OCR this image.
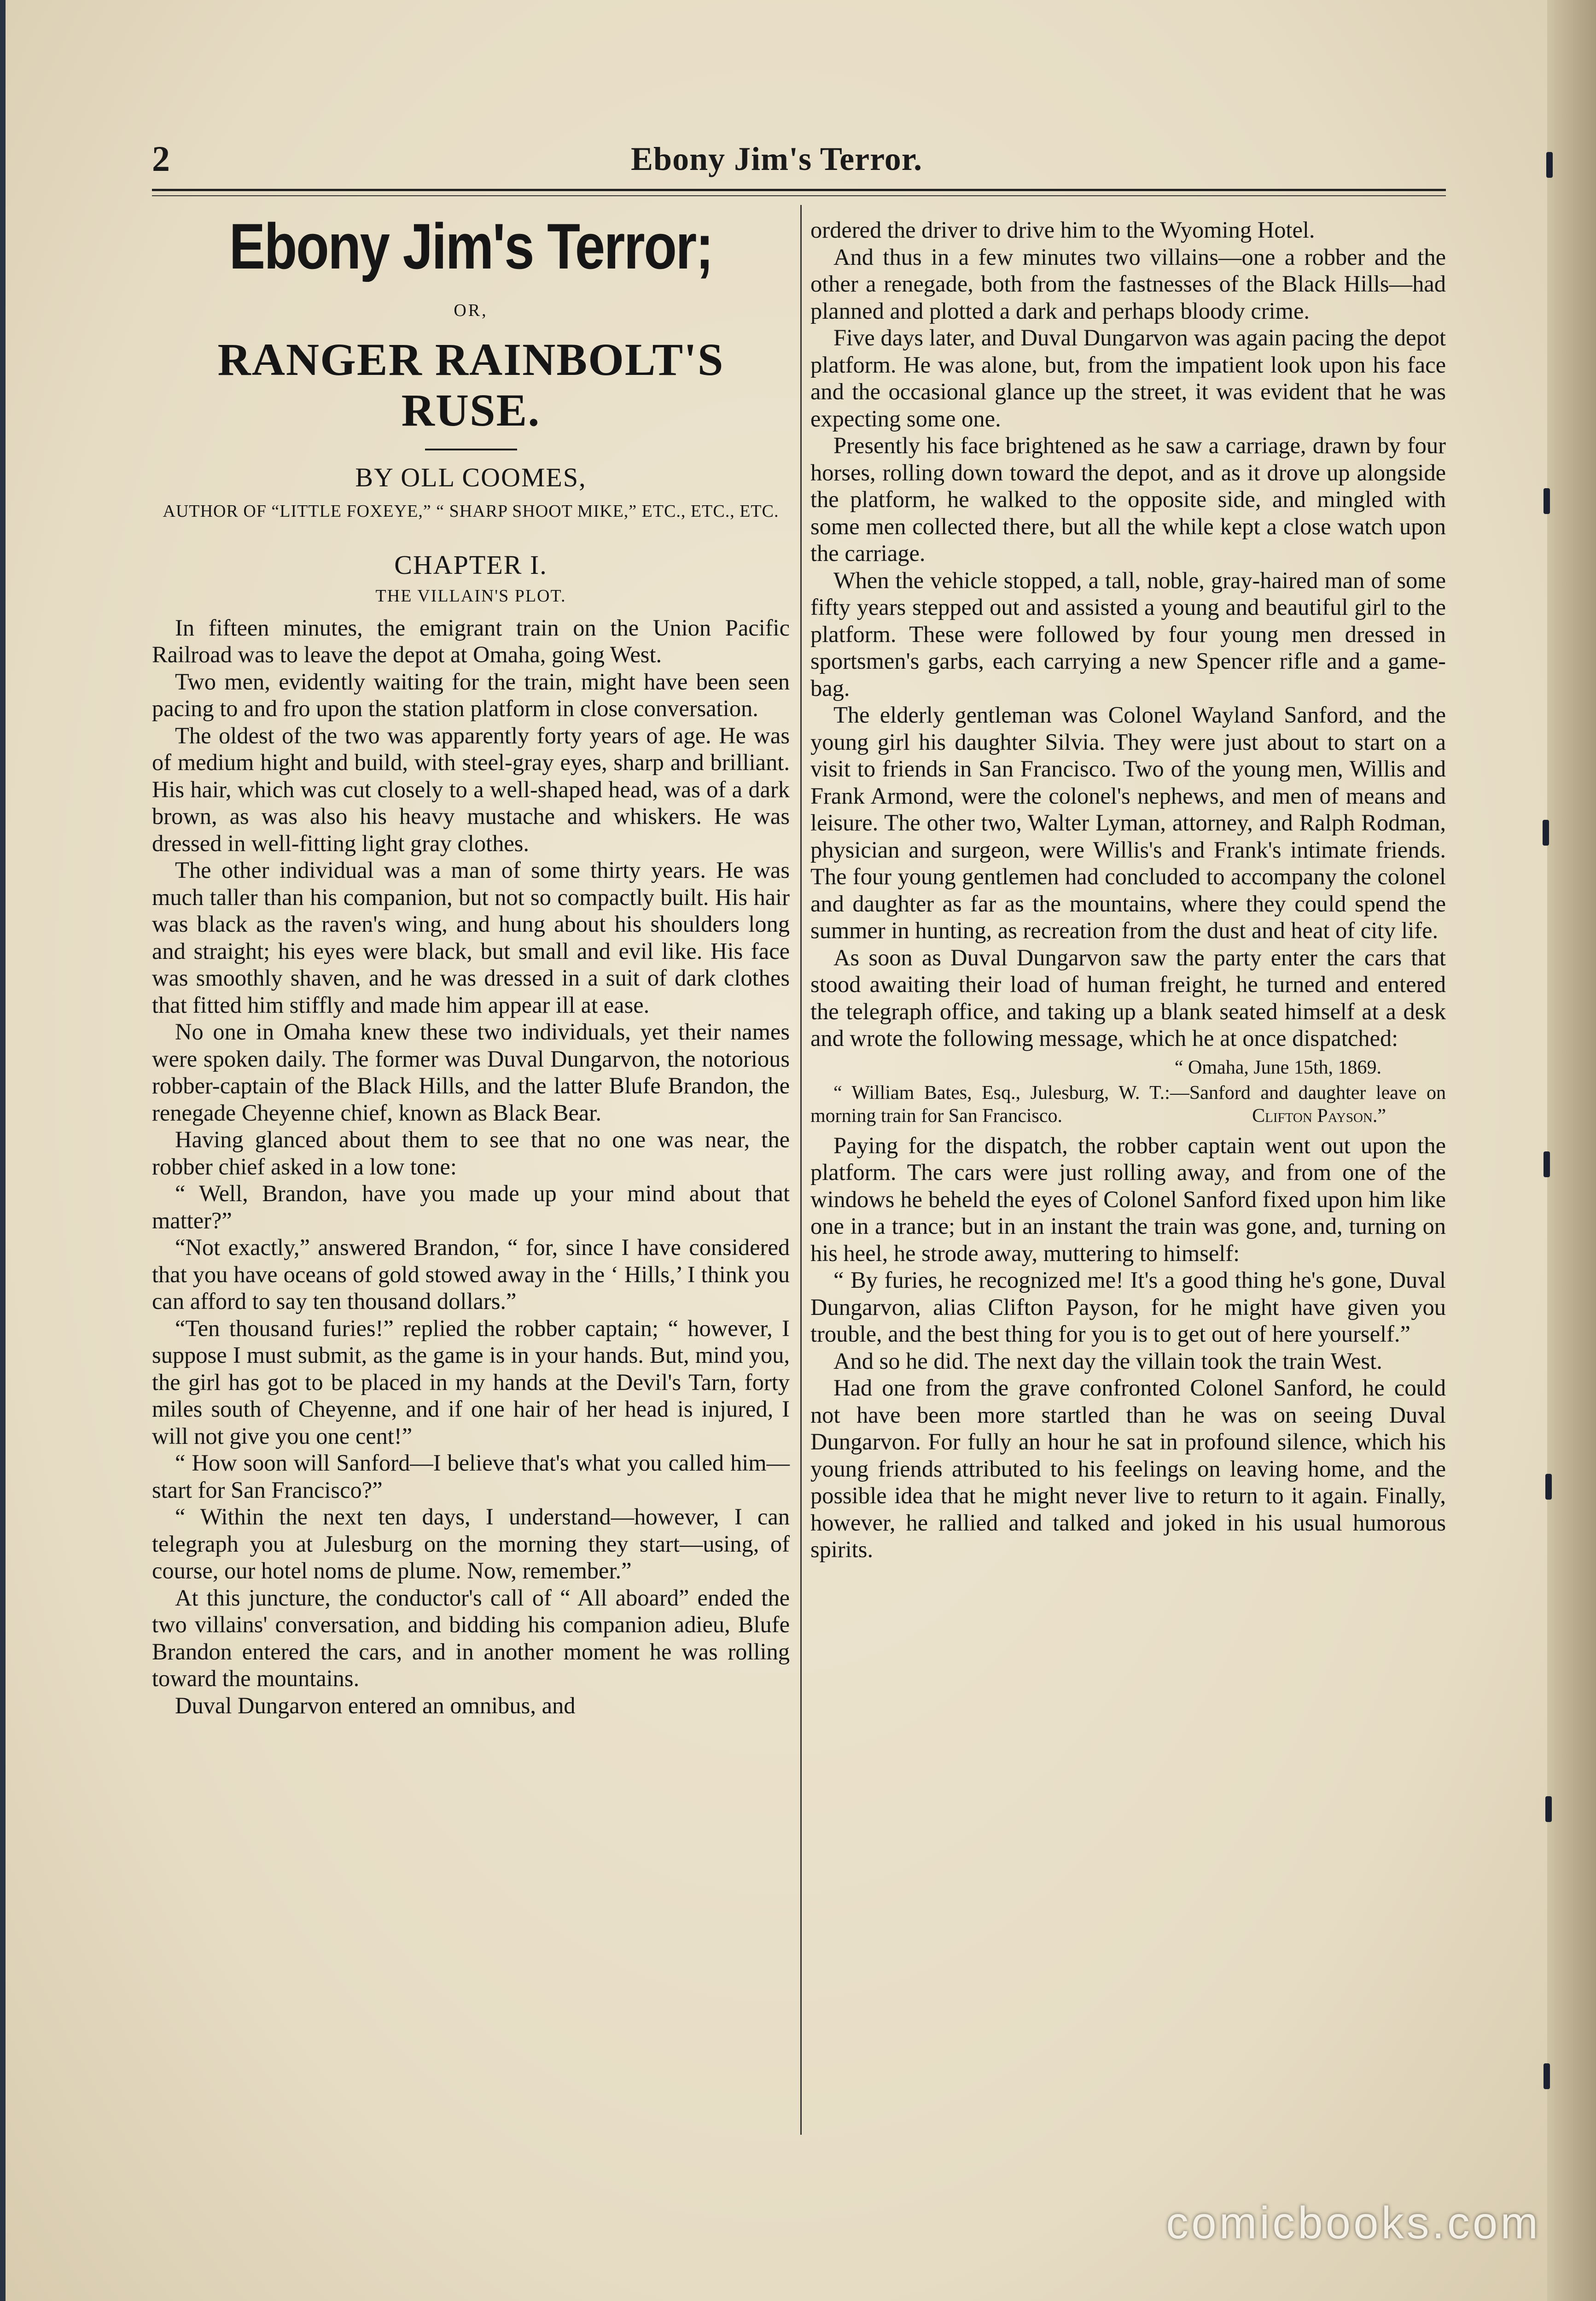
2	Ebony Jim's Terror.
Ebony Jim's Terror;
OR,
RANGER RAINBOLT'S RUSE.
BY OLL COOMES,
AUTHOR OF “LITTLE FOXEYE,” “ SHARP SHOOT MIKE,” ETC., ETC., ETC.
CHAPTER I.
THE VILLAIN'S PLOT.

In fifteen minutes, the emigrant train on the Union Pacific Railroad was to leave the depot at Omaha, going West.

Two men, evidently waiting for the train, might have been seen pacing to and fro upon the station platform in close conversation.

The oldest of the two was apparently forty years of age. He was of medium hight and build, with steel-gray eyes, sharp and brilliant. His hair, which was cut closely to a well-shaped head, was of a dark brown, as was also his heavy mustache and whiskers. He was dressed in well-fitting light gray clothes.

The other individual was a man of some thirty years. He was much taller than his companion, but not so compactly built. His hair was black as the raven's wing, and hung about his shoulders long and straight; his eyes were black, but small and evil like. His face was smoothly shaven, and he was dressed in a suit of dark clothes that fitted him stiffly and made him appear ill at ease.

No one in Omaha knew these two individuals, yet their names were spoken daily. The former was Duval Dungarvon, the notorious robber-captain of the Black Hills, and the latter Blufe Brandon, the renegade Cheyenne chief, known as Black Bear.

Having glanced about them to see that no one was near, the robber chief asked in a low tone:

“ Well, Brandon, have you made up your mind about that matter?”

“Not exactly,” answered Brandon, “ for, since I have considered that you have oceans of gold stowed away in the ‘ Hills,’ I think you can afford to say ten thousand dollars.”

“Ten thousand furies!” replied the robber captain; “ however, I suppose I must submit, as the game is in your hands. But, mind you, the girl has got to be placed in my hands at the Devil's Tarn, forty miles south of Cheyenne, and if one hair of her head is injured, I will not give you one cent!”

“ How soon will Sanford—I believe that's what you called him—start for San Francisco?”

“ Within the next ten days, I understand—however, I can telegraph you at Julesburg on the morning they start—using, of course, our hotel noms de plume. Now, remember.”

At this juncture, the conductor's call of “ All aboard” ended the two villains' conversation, and bidding his companion adieu, Blufe Brandon entered the cars, and in another moment he was rolling toward the mountains.

Duval Dungarvon entered an omnibus, and

ordered the driver to drive him to the Wyoming Hotel.

And thus in a few minutes two villains—one a robber and the other a renegade, both from the fastnesses of the Black Hills—had planned and plotted a dark and perhaps bloody crime.

Five days later, and Duval Dungarvon was again pacing the depot platform. He was alone, but, from the impatient look upon his face and the occasional glance up the street, it was evident that he was expecting some one.

Presently his face brightened as he saw a carriage, drawn by four horses, rolling down toward the depot, and as it drove up alongside the platform, he walked to the opposite side, and mingled with some men collected there, but all the while kept a close watch upon the carriage.

When the vehicle stopped, a tall, noble, gray-haired man of some fifty years stepped out and assisted a young and beautiful girl to the platform. These were followed by four young men dressed in sportsmen's garbs, each carrying a new Spencer rifle and a game-bag.

The elderly gentleman was Colonel Wayland Sanford, and the young girl his daughter Silvia. They were just about to start on a visit to friends in San Francisco. Two of the young men, Willis and Frank Armond, were the colonel's nephews, and men of means and leisure. The other two, Walter Lyman, attorney, and Ralph Rodman, physician and surgeon, were Willis's and Frank's intimate friends. The four young gentlemen had concluded to accompany the colonel and daughter as far as the mountains, where they could spend the summer in hunting, as recreation from the dust and heat of city life.

As soon as Duval Dungarvon saw the party enter the cars that stood awaiting their load of human freight, he turned and entered the telegraph office, and taking up a blank seated himself at a desk and wrote the following message, which he at once dispatched:

“ Omaha, June 15th, 1869.
“ William Bates, Esq., Julesburg, W. T.:—Sanford and daughter leave on morning train for San Francisco.	Clifton Payson.”

Paying for the dispatch, the robber captain went out upon the platform. The cars were just rolling away, and from one of the windows he beheld the eyes of Colonel Sanford fixed upon him like one in a trance; but in an instant the train was gone, and, turning on his heel, he strode away, muttering to himself:

“ By furies, he recognized me! It's a good thing he's gone, Duval Dungarvon, alias Clifton Payson, for he might have given you trouble, and the best thing for you is to get out of here yourself.”

And so he did. The next day the villain took the train West.

Had one from the grave confronted Colonel Sanford, he could not have been more startled than he was on seeing Duval Dungarvon. For fully an hour he sat in profound silence, which his young friends attributed to his feelings on leaving home, and the possible idea that he might never live to return to it again. Finally, however, he rallied and talked and joked in his usual humorous spirits.

comicbooks.com
